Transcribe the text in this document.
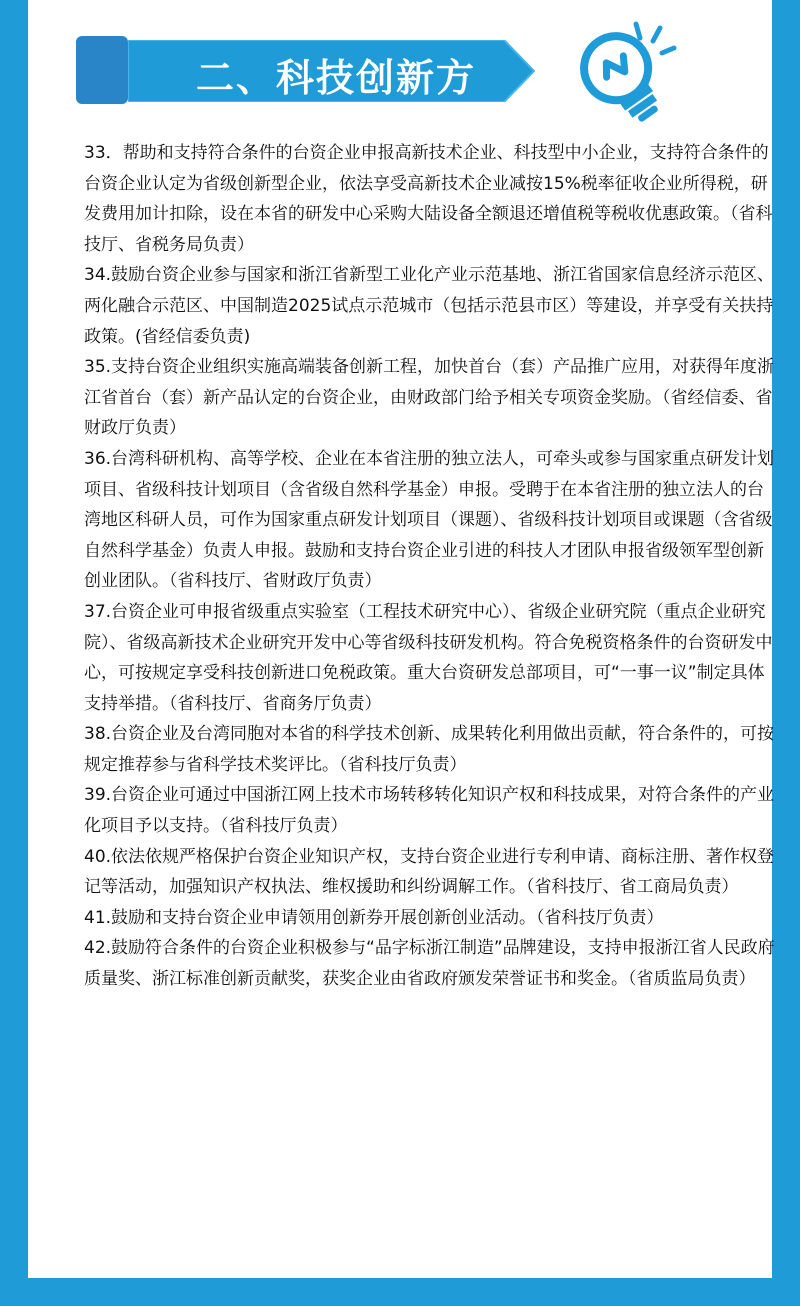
二、科技创新方面

33．帮助和支持符合条件的台资企业申报高新技术企业、科技型中小企业，支持符合条件的台资企业认定为省级创新型企业，依法享受高新技术企业减按15%税率征收企业所得税，研发费用加计扣除，设在本省的研发中心采购大陆设备全额退还增值税等税收优惠政策。（省科技厅、省税务局负责）

34.鼓励台资企业参与国家和浙江省新型工业化产业示范基地、浙江省国家信息经济示范区、两化融合示范区、中国制造2025试点示范城市（包括示范县市区）等建设，并享受有关扶持政策。(省经信委负责)

35.支持台资企业组织实施高端装备创新工程，加快首台（套）产品推广应用，对获得年度浙江省首台（套）新产品认定的台资企业，由财政部门给予相关专项资金奖励。（省经信委、省财政厅负责）

36.台湾科研机构、高等学校、企业在本省注册的独立法人，可牵头或参与国家重点研发计划项目、省级科技计划项目（含省级自然科学基金）申报。受聘于在本省注册的独立法人的台湾地区科研人员，可作为国家重点研发计划项目（课题）、省级科技计划项目或课题（含省级自然科学基金）负责人申报。鼓励和支持台资企业引进的科技人才团队申报省级领军型创新创业团队。（省科技厅、省财政厅负责）

37.台资企业可申报省级重点实验室（工程技术研究中心）、省级企业研究院（重点企业研究院）、省级高新技术企业研究开发中心等省级科技研发机构。符合免税资格条件的台资研发中心，可按规定享受科技创新进口免税政策。重大台资研发总部项目，可“一事一议”制定具体支持举措。（省科技厅、省商务厅负责）

38.台资企业及台湾同胞对本省的科学技术创新、成果转化利用做出贡献，符合条件的，可按规定推荐参与省科学技术奖评比。（省科技厅负责）

39.台资企业可通过中国浙江网上技术市场转移转化知识产权和科技成果，对符合条件的产业化项目予以支持。（省科技厅负责）

40.依法依规严格保护台资企业知识产权，支持台资企业进行专利申请、商标注册、著作权登记等活动，加强知识产权执法、维权援助和纠纷调解工作。（省科技厅、省工商局负责）

41.鼓励和支持台资企业申请领用创新券开展创新创业活动。（省科技厅负责）

42.鼓励符合条件的台资企业积极参与“品字标浙江制造”品牌建设，支持申报浙江省人民政府质量奖、浙江标准创新贡献奖，获奖企业由省政府颁发荣誉证书和奖金。（省质监局负责）
